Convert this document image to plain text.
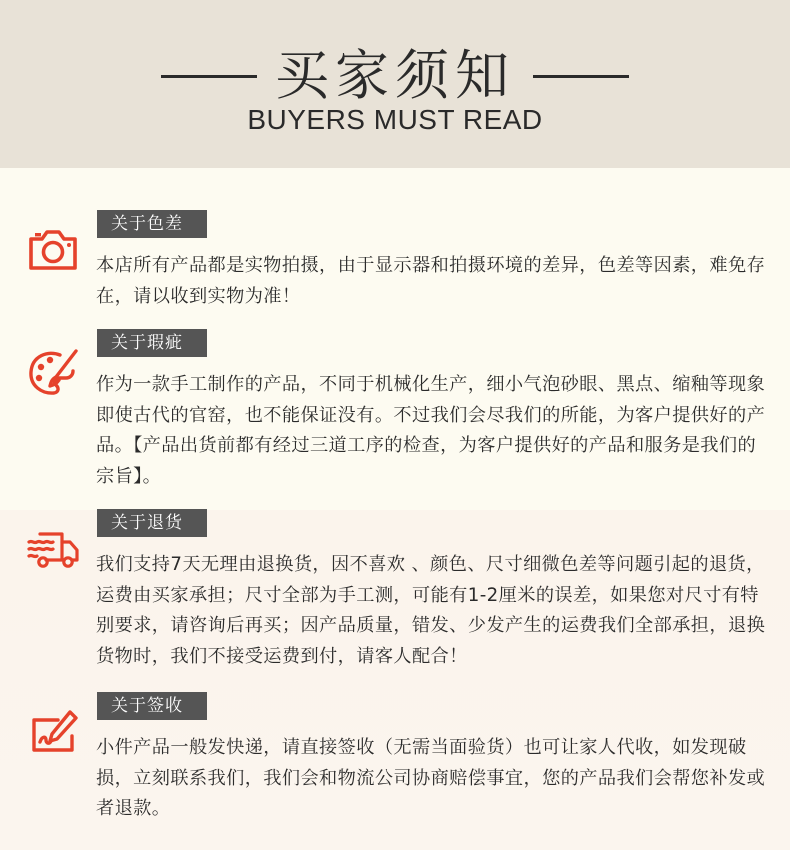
买家须知
BUYERS MUST READ
关于色差
本店所有产品都是实物拍摄，由于显示器和拍摄环境的差异，色差等因素，难免存在，请以收到实物为准！
关于瑕疵
作为一款手工制作的产品，不同于机械化生产，细小气泡砂眼、黑点、缩釉等现象即使古代的官窑，也不能保证没有。不过我们会尽我们的所能，为客户提供好的产品。【产品出货前都有经过三道工序的检查，为客户提供好的产品和服务是我们的宗旨】。
关于退货
我们支持7天无理由退换货，因不喜欢 、颜色、尺寸细微色差等问题引起的退货，运费由买家承担；尺寸全部为手工测，可能有1-2厘米的误差，如果您对尺寸有特别要求，请咨询后再买；因产品质量，错发、少发产生的运费我们全部承担，退换货物时，我们不接受运费到付，请客人配合！
关于签收
小件产品一般发快递，请直接签收（无需当面验货）也可让家人代收，如发现破损，立刻联系我们，我们会和物流公司协商赔偿事宜，您的产品我们会帮您补发或者退款。
